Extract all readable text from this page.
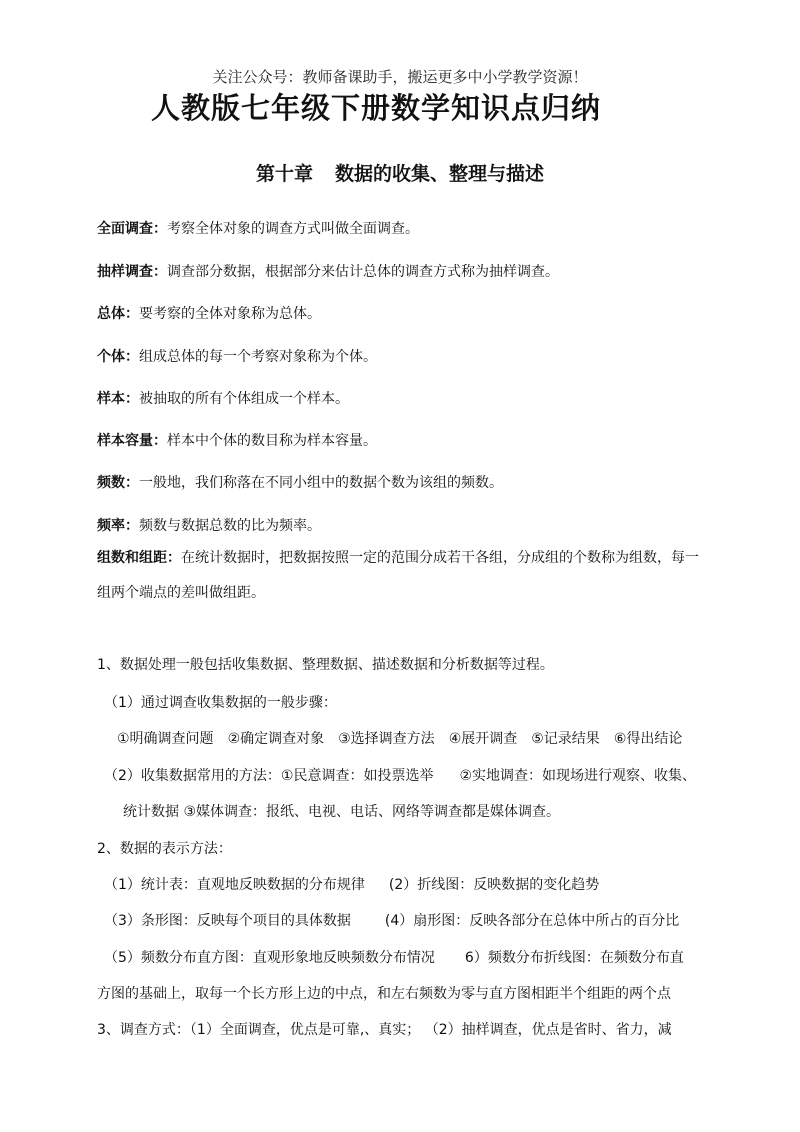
关注公众号：教师备课助手，搬运更多中小学教学资源！
人教版七年级下册数学知识点归纳
第十章 数据的收集、整理与描述
全面调查：考察全体对象的调查方式叫做全面调查。
抽样调查：调查部分数据，根据部分来估计总体的调查方式称为抽样调查。
总体：要考察的全体对象称为总体。
个体：组成总体的每一个考察对象称为个体。
样本：被抽取的所有个体组成一个样本。
样本容量：样本中个体的数目称为样本容量。
频数：一般地，我们称落在不同小组中的数据个数为该组的频数。
频率：频数与数据总数的比为频率。
组数和组距：在统计数据时，把数据按照一定的范围分成若干各组，分成组的个数称为组数，每一
组两个端点的差叫做组距。
1、数据处理一般包括收集数据、整理数据、描述数据和分析数据等过程。
（1）通过调查收集数据的一般步骤：
①明确调查问题 ②确定调查对象 ③选择调查方法 ④展开调查 ⑤记录结果 ⑥得出结论
（2）收集数据常用的方法：①民意调查：如投票选举 ②实地调查：如现场进行观察、收集、
统计数据 ③媒体调查：报纸、电视、电话、网络等调查都是媒体调查。
2、数据的表示方法：
（1）统计表：直观地反映数据的分布规律 (2）折线图：反映数据的变化趋势
（3）条形图：反映每个项目的具体数据 (4）扇形图：反映各部分在总体中所占的百分比
（5）频数分布直方图：直观形象地反映频数分布情况 6）频数分布折线图：在频数分布直
方图的基础上，取每一个长方形上边的中点，和左右频数为零与直方图相距半个组距的两个点
3、调查方式：（1）全面调查，优点是可靠,、真实； （2）抽样调查，优点是省时、省力，减
